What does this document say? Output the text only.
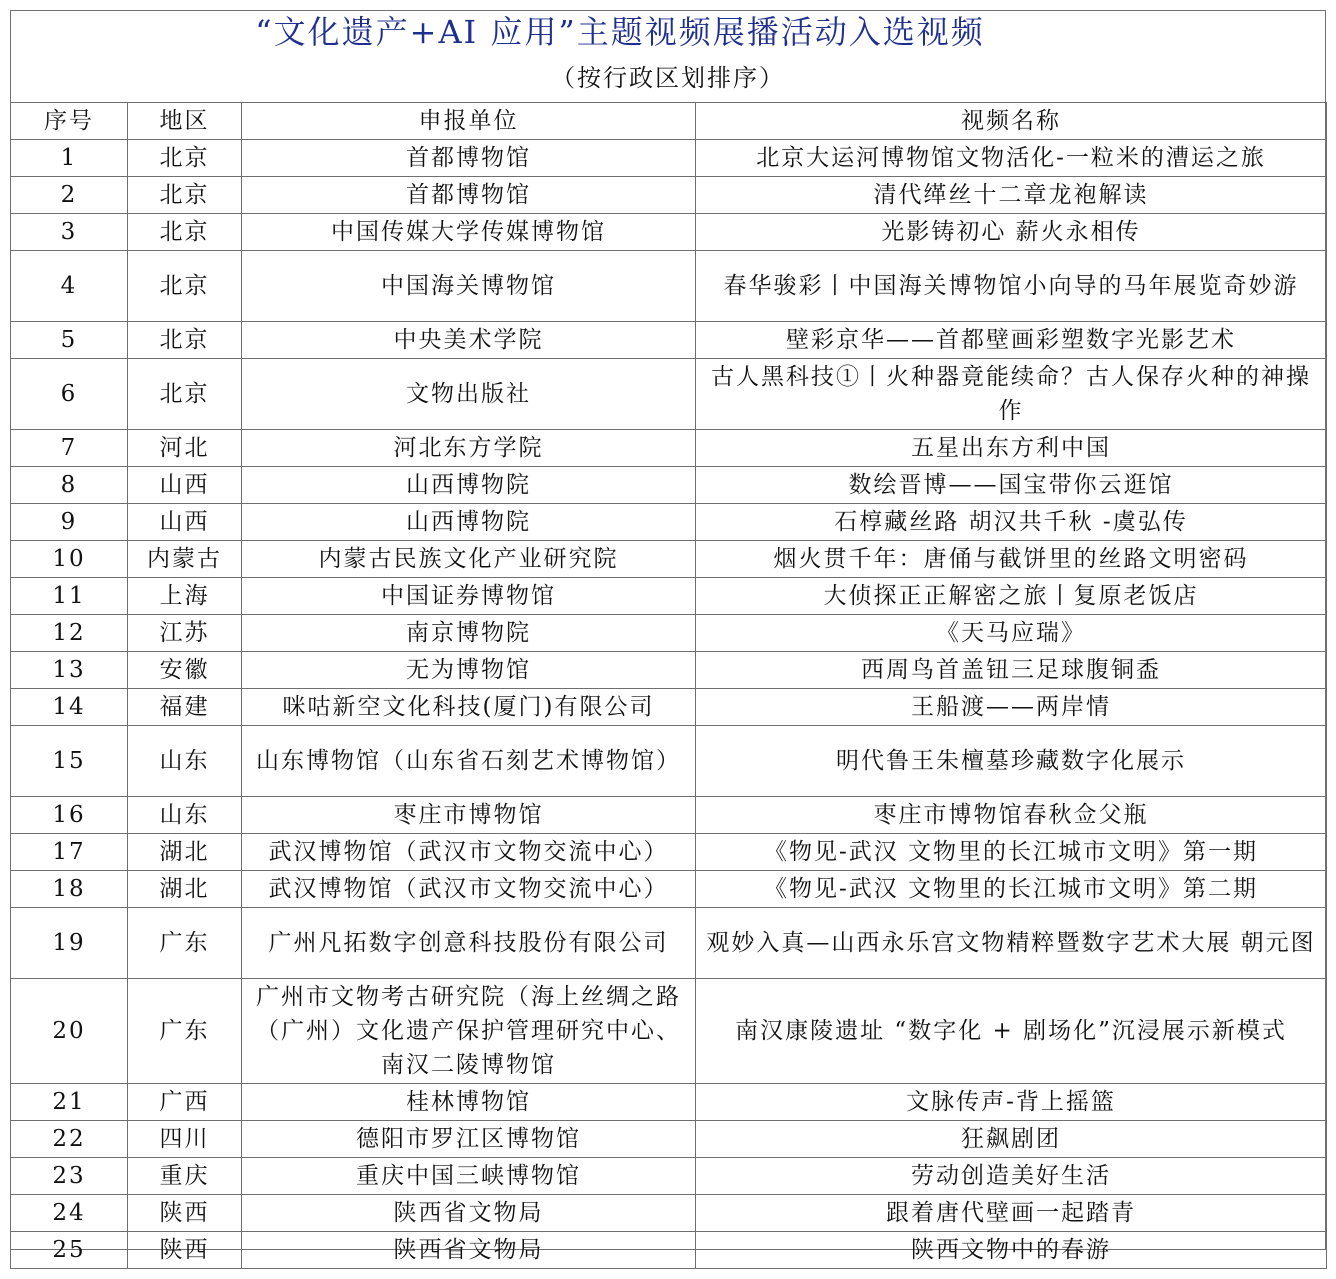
“文化遗产+AI 应用”主题视频展播活动入选视频
（按行政区划排序）
序号	地区	申报单位	视频名称
1	北京	首都博物馆	北京大运河博物馆文物活化-一粒米的漕运之旅
2	北京	首都博物馆	清代缂丝十二章龙袍解读
3	北京	中国传媒大学传媒博物馆	光影铸初心 薪火永相传
4	北京	中国海关博物馆	春华骏彩丨中国海关博物馆小向导的马年展览奇妙游
5	北京	中央美术学院	壁彩京华——首都壁画彩塑数字光影艺术
6	北京	文物出版社	古人黑科技①丨火种器竟能续命？古人保存火种的神操作
7	河北	河北东方学院	五星出东方利中国
8	山西	山西博物院	数绘晋博——国宝带你云逛馆
9	山西	山西博物院	石椁藏丝路 胡汉共千秋 -虞弘传
10	内蒙古	内蒙古民族文化产业研究院	烟火贯千年：唐俑与截饼里的丝路文明密码
11	上海	中国证券博物馆	大侦探正正解密之旅丨复原老饭店
12	江苏	南京博物院	《天马应瑞》
13	安徽	无为博物馆	西周鸟首盖钮三足球腹铜盉
14	福建	咪咕新空文化科技(厦门)有限公司	王船渡——两岸情
15	山东	山东博物馆（山东省石刻艺术博物馆）	明代鲁王朱檀墓珍藏数字化展示
16	山东	枣庄市博物馆	枣庄市博物馆春秋佥父瓶
17	湖北	武汉博物馆（武汉市文物交流中心）	《物见-武汉 文物里的长江城市文明》第一期
18	湖北	武汉博物馆（武汉市文物交流中心）	《物见-武汉 文物里的长江城市文明》第二期
19	广东	广州凡拓数字创意科技股份有限公司	观妙入真—山西永乐宫文物精粹暨数字艺术大展 朝元图
20	广东	广州市文物考古研究院（海上丝绸之路（广州）文化遗产保护管理研究中心、南汉二陵博物馆	南汉康陵遗址 “数字化 + 剧场化”沉浸展示新模式
21	广西	桂林博物馆	文脉传声-背上摇篮
22	四川	德阳市罗江区博物馆	狂飙剧团
23	重庆	重庆中国三峡博物馆	劳动创造美好生活
24	陕西	陕西省文物局	跟着唐代壁画一起踏青
25	陕西	陕西省文物局	陕西文物中的春游
